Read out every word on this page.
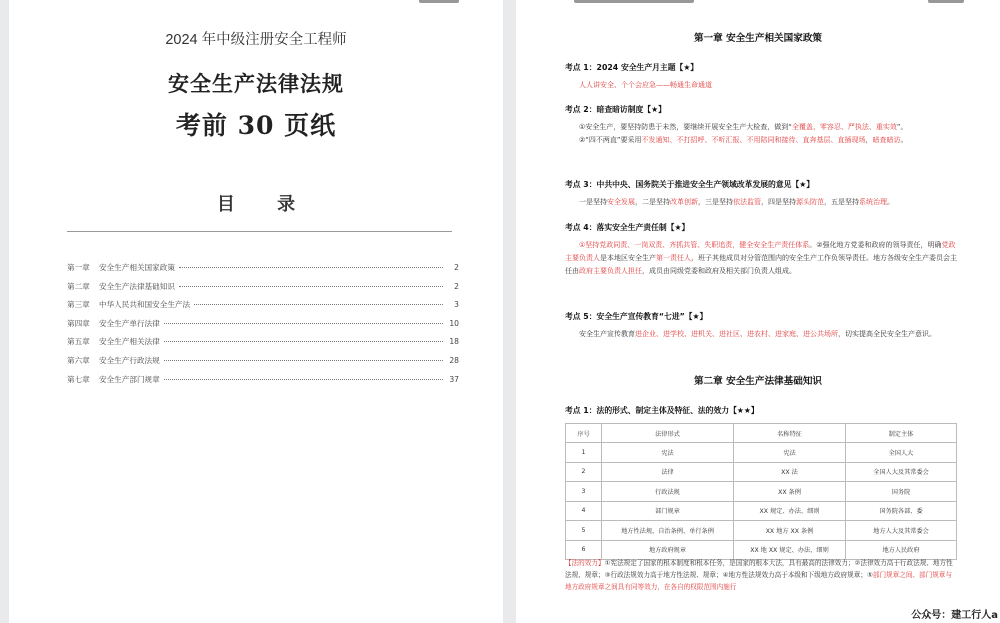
2024 年中级注册安全工程师
安全生产法律法规
考前 30 页纸
目 录
第一章	安全生产相关国家政策	2
第二章	安全生产法律基础知识	2
第三章	中华人民共和国安全生产法	3
第四章	安全生产单行法律	10
第五章	安全生产相关法律	18
第六章	安全生产行政法规	28
第七章	安全生产部门规章	37
第一章 安全生产相关国家政策
考点 1：2024 安全生产月主题【★】
人人讲安全、个个会应急——畅通生命通道
考点 2：暗查暗访制度【★】
①安全生产，要坚持防患于未然，要继续开展安全生产大检查，做到“全覆盖、零容忍、严执法、重实效”。
②“四不两直”要采用不发通知、不打招呼、不听汇报、不用陪同和接待、直奔基层、直插现场，暗查暗访。
考点 3：中共中央、国务院关于推进安全生产领域改革发展的意见【★】
一是坚持安全发展，二是坚持改革创新，三是坚持依法监管，四是坚持源头防范，五是坚持系统治理。
考点 4：落实安全生产责任制【★】
①坚持党政同责、一岗双责、齐抓共管、失职追责，健全安全生产责任体系。②强化地方党委和政府的领导责任，明确党政主要负责人是本地区安全生产第一责任人，班子其他成员对分管范围内的安全生产工作负领导责任。地方各级安全生产委员会主任由政府主要负责人担任，成员由同级党委和政府及相关部门负责人组成。
考点 5：安全生产宣传教育“七进”【★】
安全生产宣传教育进企业、进学校、进机关、进社区、进农村、进家庭、进公共场所，切实提高全民安全生产意识。
第二章 安全生产法律基础知识
考点 1：法的形式、制定主体及特征、法的效力【★★】
序号	法律形式	名称特征	制定主体
1	宪法	宪法	全国人大
2	法律	XX 法	全国人大及其常委会
3	行政法规	XX 条例	国务院
4	部门规章	XX 规定、办法、细则	国务院各部、委
5	地方性法规、自治条例、单行条例	XX 地方 XX 条例	地方人大及其常委会
6	地方政府规章	XX 地 XX 规定、办法、细则	地方人民政府
【法的效力】①宪法规定了国家的根本制度和根本任务，是国家的根本大法，具有最高的法律效力；②法律效力高于行政法规、地方性法规、规章；③行政法规效力高于地方性法规、规章；④地方性法规效力高于本级和下级地方政府规章；⑤部门规章之间、部门规章与地方政府规章之间具有同等效力，在各自的权限范围内施行
公众号：建工行人a
